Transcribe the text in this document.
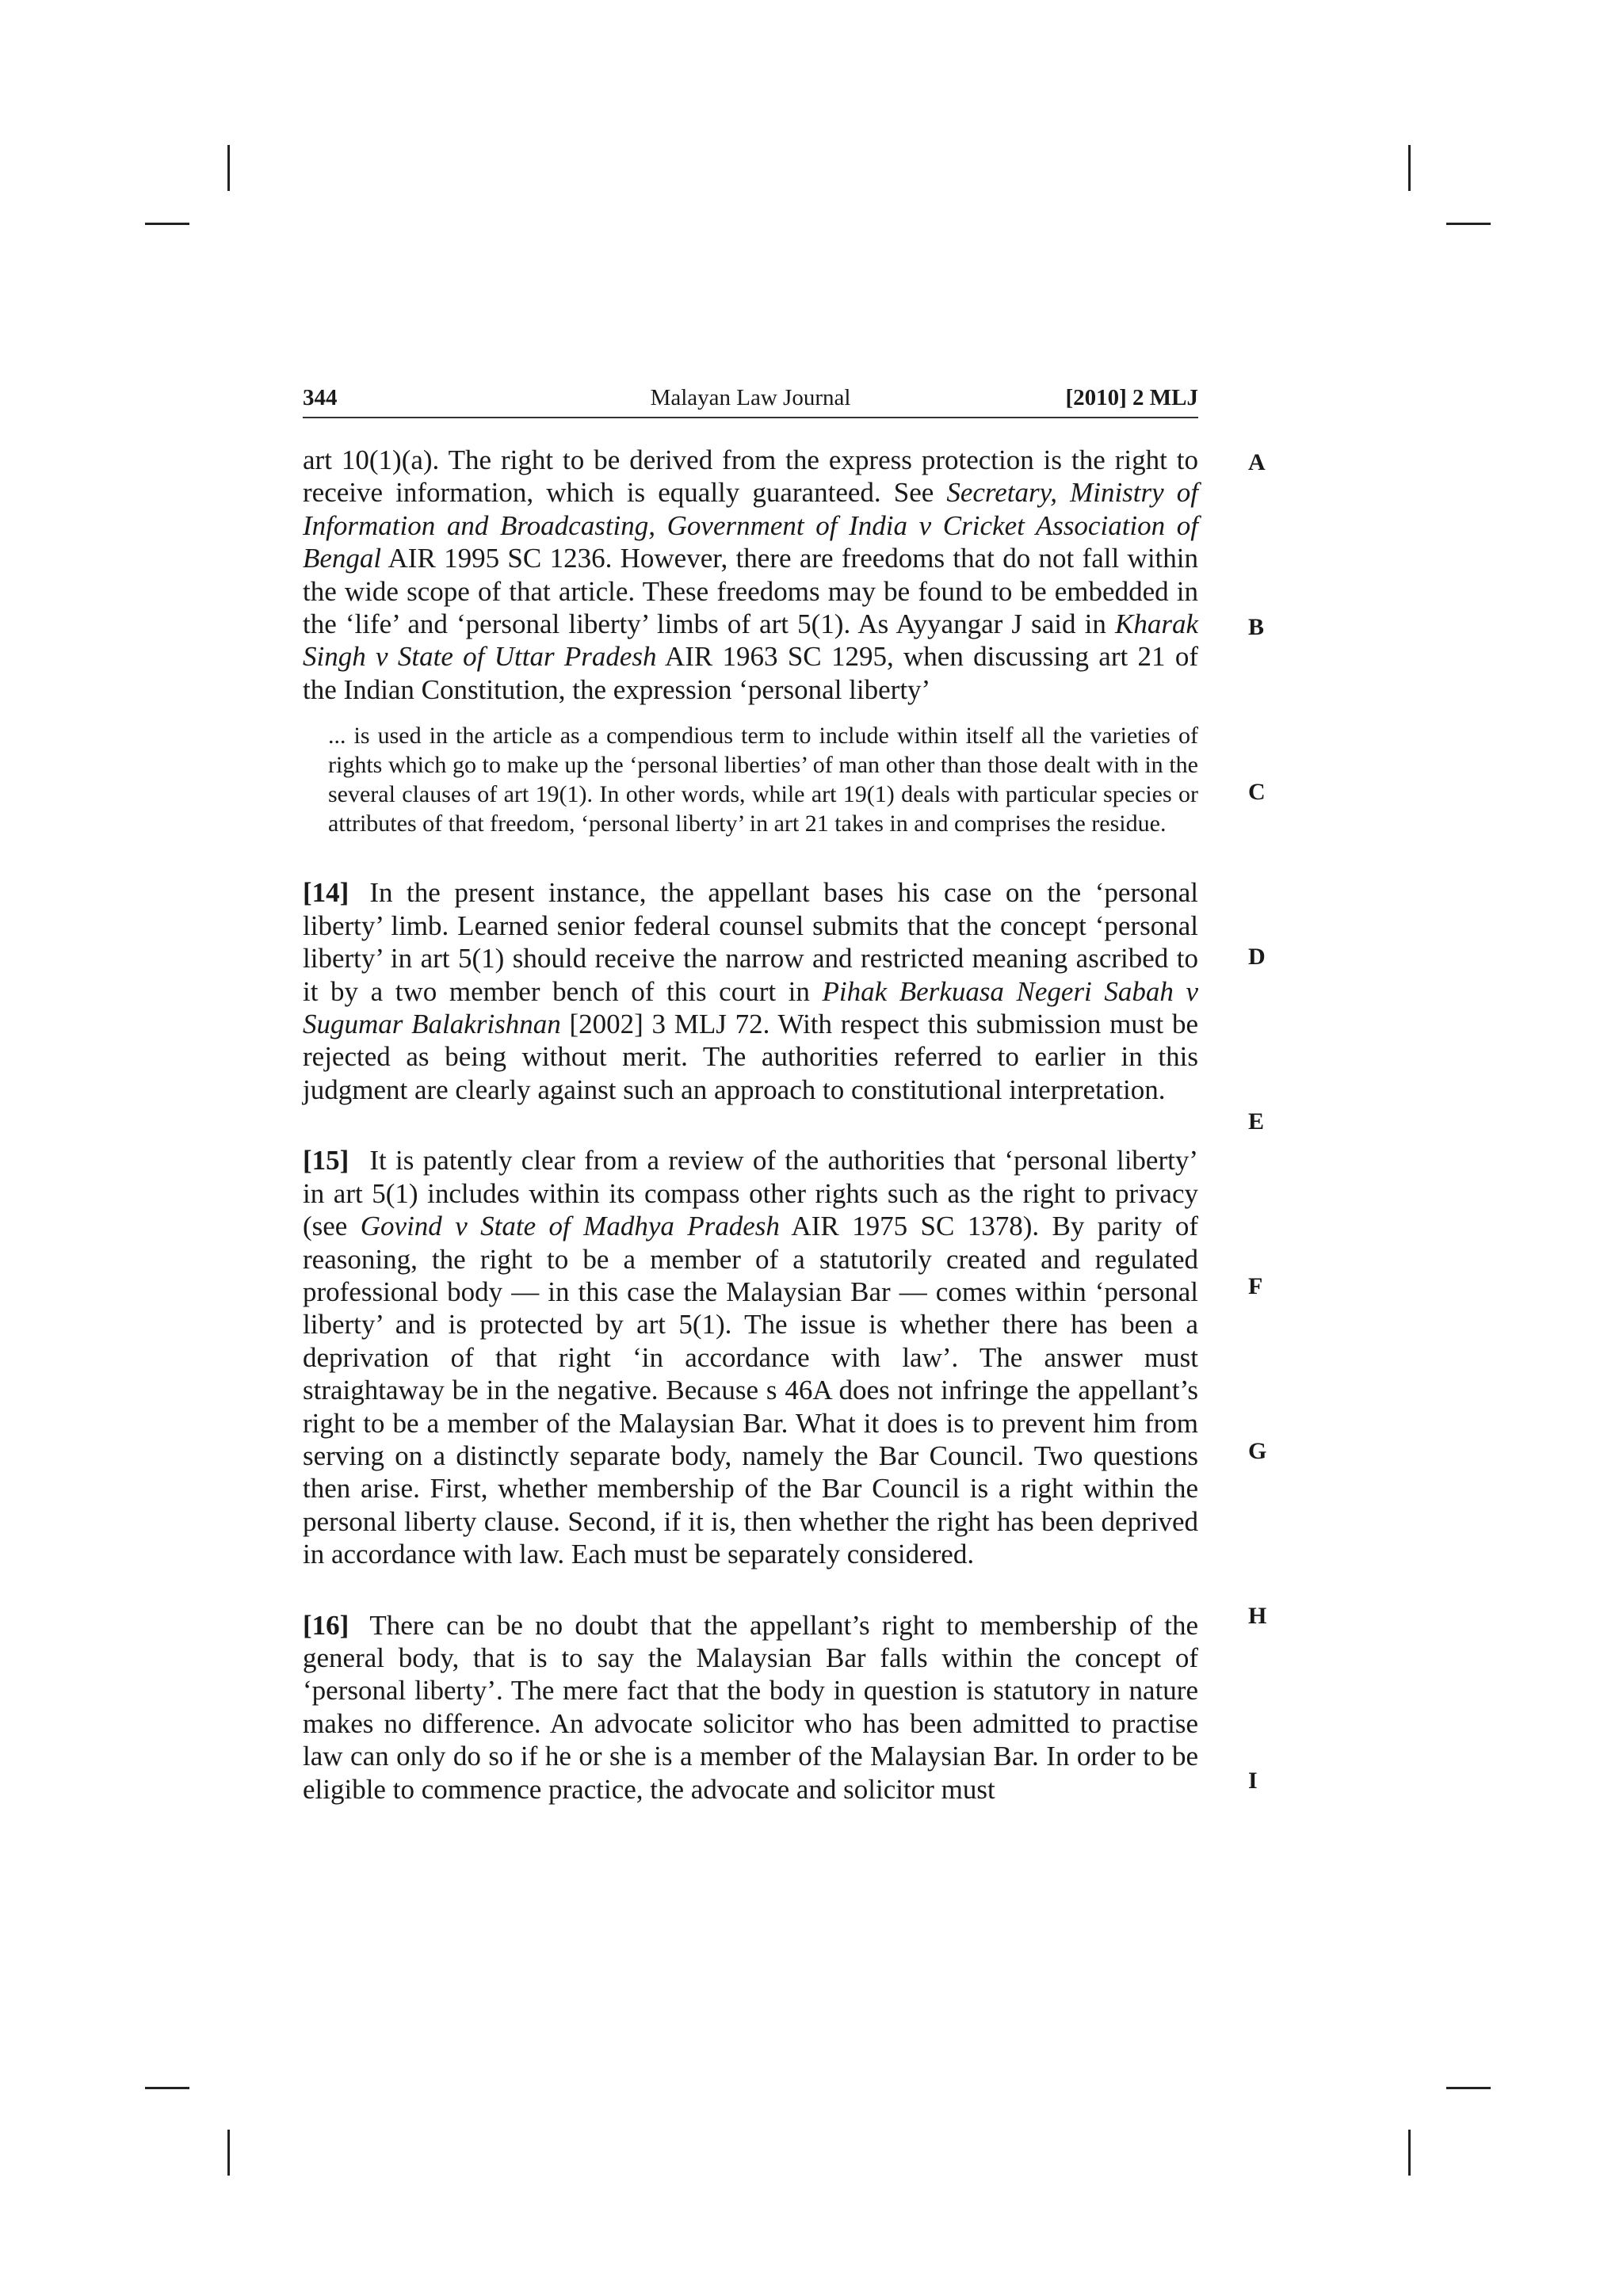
344	Malayan Law Journal	[2010] 2 MLJ
A
B
C
D
E
F
G
H
I

art 10(1)(a). The right to be derived from the express protection is the right to receive information, which is equally guaranteed. See Secretary, Ministry of Information and Broadcasting, Government of India v Cricket Association of Bengal AIR 1995 SC 1236. However, there are freedoms that do not fall within the wide scope of that article. These freedoms may be found to be embedded in the ‘life’ and ‘personal liberty’ limbs of art 5(1). As Ayyangar J said in Kharak Singh v State of Uttar Pradesh AIR 1963 SC 1295, when discussing art 21 of the Indian Constitution, the expression ‘personal liberty’

... is used in the article as a compendious term to include within itself all the varieties of rights which go to make up the ‘personal liberties’ of man other than those dealt with in the several clauses of art 19(1). In other words, while art 19(1) deals with particular species or attributes of that freedom, ‘personal liberty’ in art 21 takes in and comprises the residue.

[14] In the present instance, the appellant bases his case on the ‘personal liberty’ limb. Learned senior federal counsel submits that the concept ‘personal liberty’ in art 5(1) should receive the narrow and restricted meaning ascribed to it by a two member bench of this court in Pihak Berkuasa Negeri Sabah v Sugumar Balakrishnan [2002] 3 MLJ 72. With respect this submission must be rejected as being without merit. The authorities referred to earlier in this judgment are clearly against such an approach to constitutional interpretation.

[15] It is patently clear from a review of the authorities that ‘personal liberty’ in art 5(1) includes within its compass other rights such as the right to privacy (see Govind v State of Madhya Pradesh AIR 1975 SC 1378). By parity of reasoning, the right to be a member of a statutorily created and regulated professional body — in this case the Malaysian Bar — comes within ‘personal liberty’ and is protected by art 5(1). The issue is whether there has been a deprivation of that right ‘in accordance with law’. The answer must straightaway be in the negative. Because s 46A does not infringe the appellant’s right to be a member of the Malaysian Bar. What it does is to prevent him from serving on a distinctly separate body, namely the Bar Council. Two questions then arise. First, whether membership of the Bar Council is a right within the personal liberty clause. Second, if it is, then whether the right has been deprived in accordance with law. Each must be separately considered.

[16] There can be no doubt that the appellant’s right to membership of the general body, that is to say the Malaysian Bar falls within the concept of ‘personal liberty’. The mere fact that the body in question is statutory in nature makes no difference. An advocate solicitor who has been admitted to practise law can only do so if he or she is a member of the Malaysian Bar. In order to be eligible to commence practice, the advocate and solicitor must
